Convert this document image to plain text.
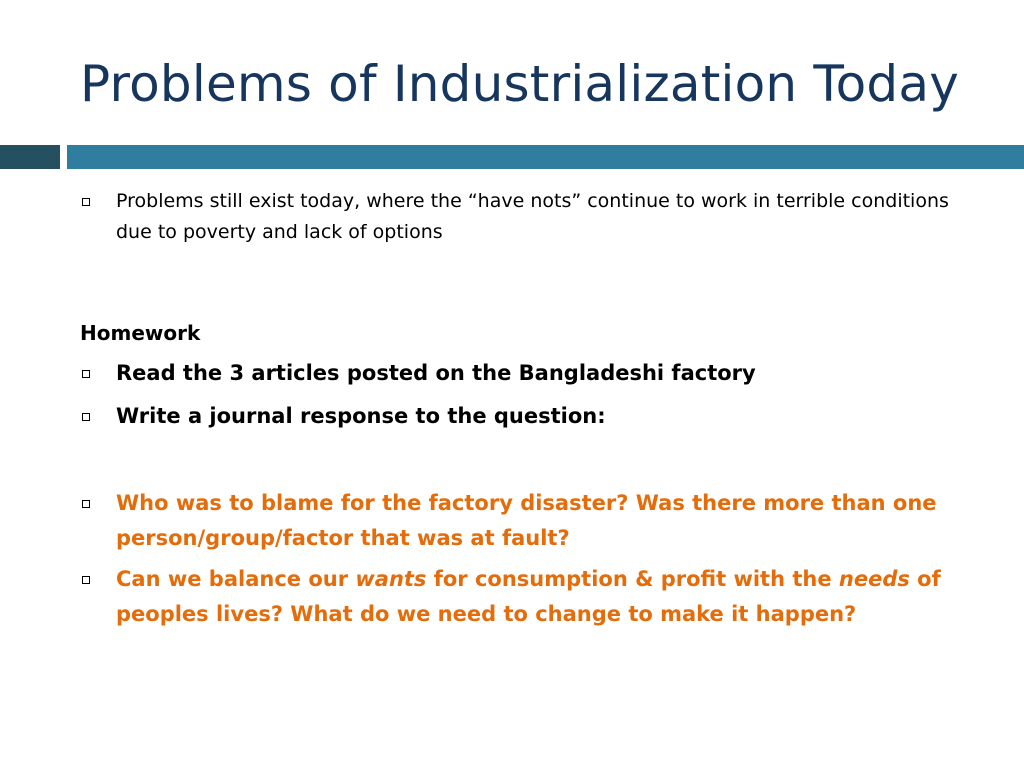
Problems of Industrialization Today
Problems still exist today, where the “have nots” continue to work in terrible conditions due to poverty and lack of options
Homework
Read the 3 articles posted on the Bangladeshi factory
Write a journal response to the question:
Who was to blame for the factory disaster? Was there more than one person/group/factor that was at fault?
Can we balance our wants for consumption & profit with the needs of peoples lives? What do we need to change to make it happen?
